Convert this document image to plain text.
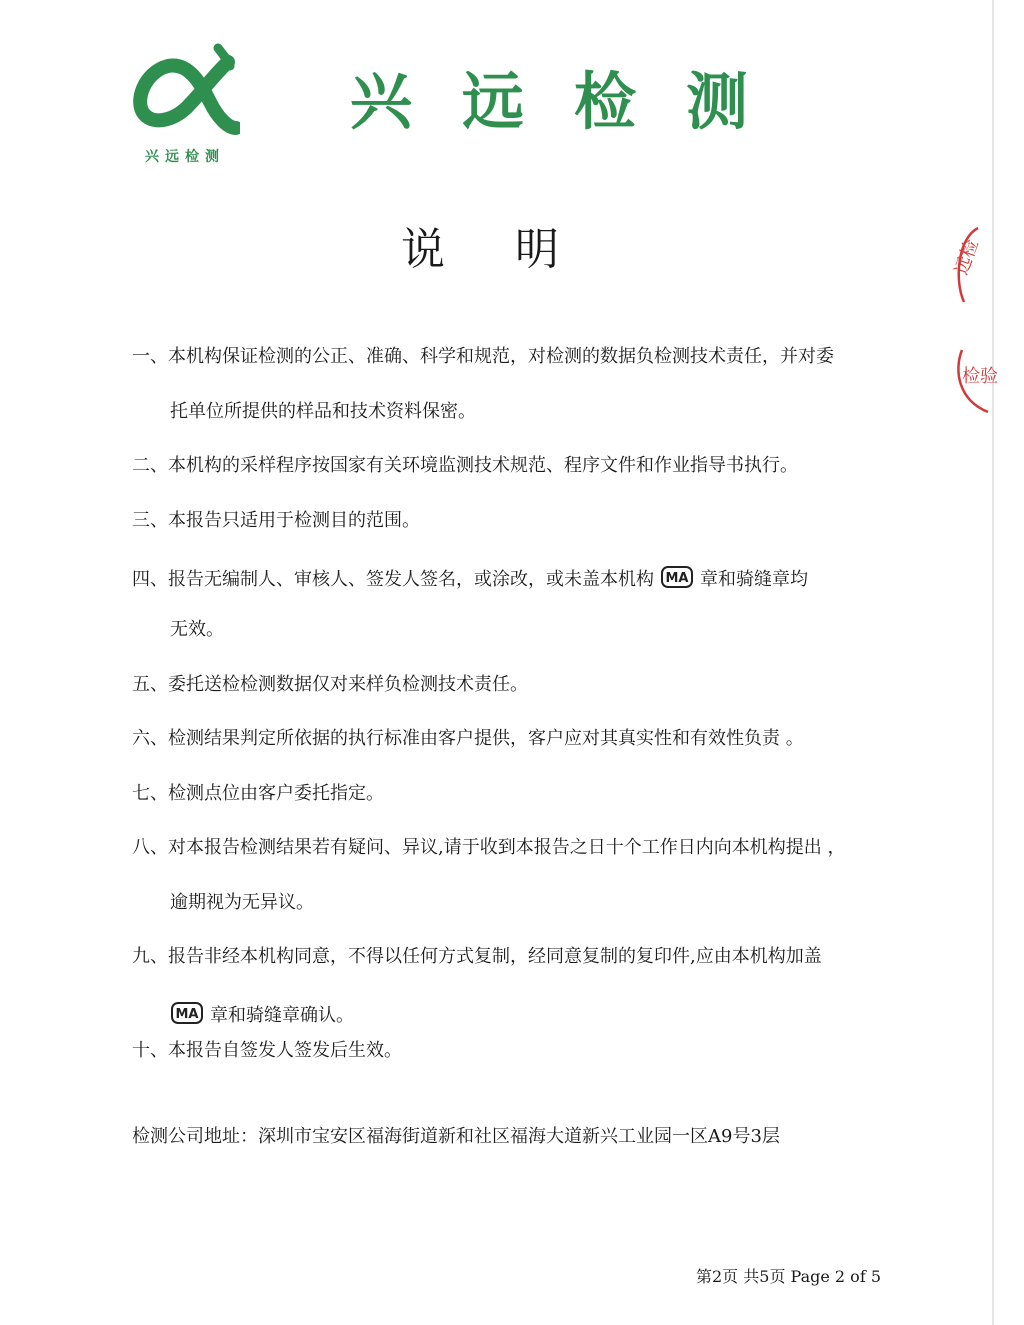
兴远检测
兴远检测
说明
一、本机构保证检测的公正、准确、科学和规范，对检测的数据负检测技术责任，并对委
托单位所提供的样品和技术资料保密。
二、本机构的采样程序按国家有关环境监测技术规范、程序文件和作业指导书执行。
三、本报告只适用于检测目的范围。
四、报告无编制人、审核人、签发人签名，或涂改，或未盖本机构 MA 章和骑缝章均
无效。
五、委托送检检测数据仅对来样负检测技术责任。
六、检测结果判定所依据的执行标准由客户提供，客户应对其真实性和有效性负责 。
七、检测点位由客户委托指定。
八、对本报告检测结果若有疑问、异议,请于收到本报告之日十个工作日内向本机构提出 ，
逾期视为无异议。
九、报告非经本机构同意，不得以任何方式复制，经同意复制的复印件,应由本机构加盖
MA 章和骑缝章确认。
十、本报告自签发人签发后生效。
检测公司地址：深圳市宝安区福海街道新和社区福海大道新兴工业园一区A9号3层
第2页 共5页 Page 2 of 5
远检
检验
